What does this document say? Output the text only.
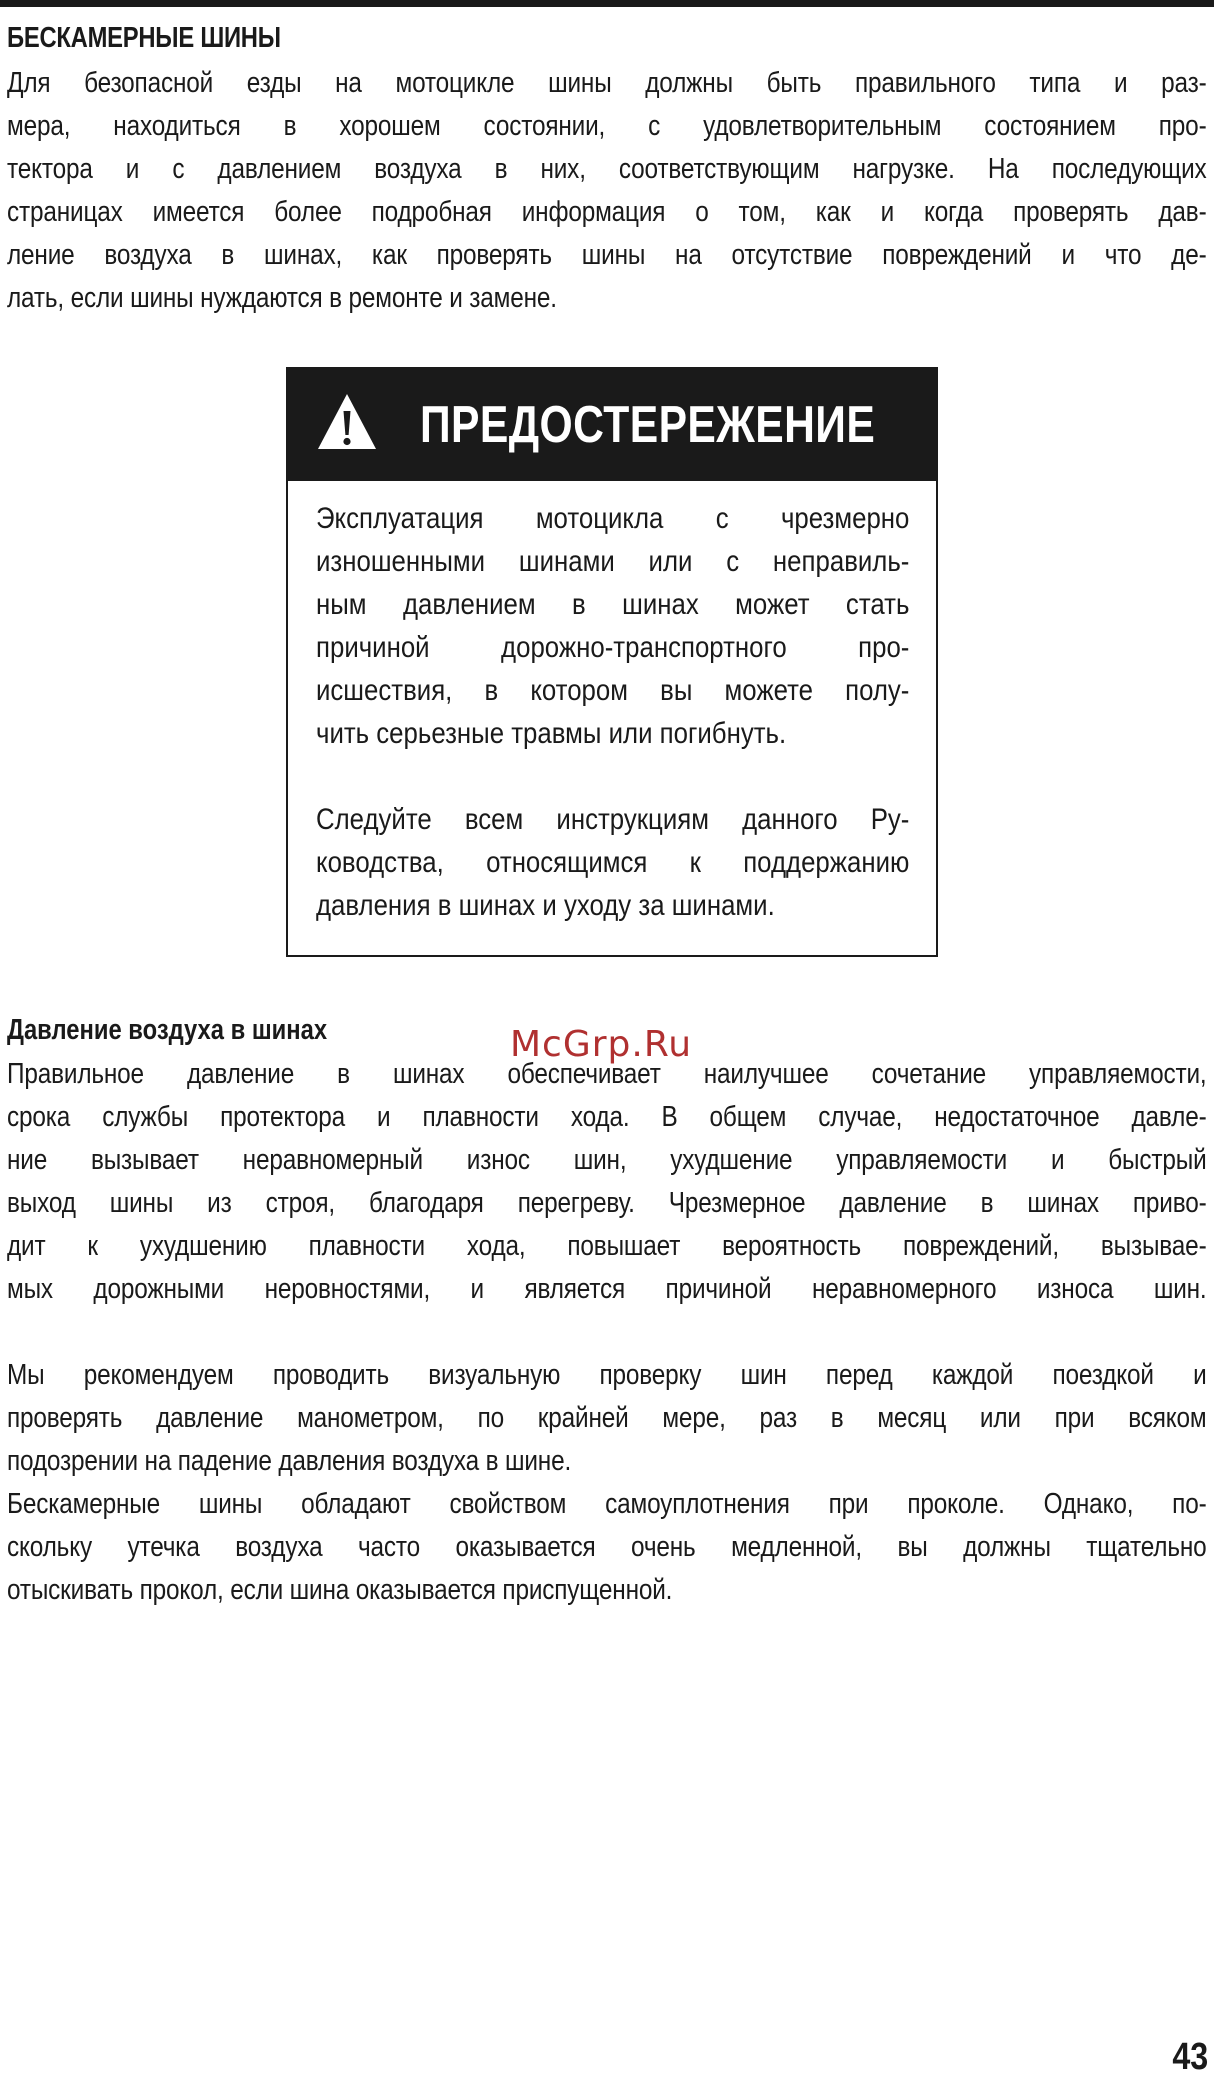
БЕСКАМЕРНЫЕ ШИНЫ
Для безопасной езды на мотоцикле шины должны быть правильного типа и раз-
мера, находиться в хорошем состоянии, с удовлетворительным состоянием про-
тектора и с давлением воздуха в них, соответствующим нагрузке. На последующих
страницах имеется более подробная информация о том, как и когда проверять дав-
ление воздуха в шинах, как проверять шины на отсутствие повреждений и что де-
лать, если шины нуждаются в ремонте и замене.
ПРЕДОСТЕРЕЖЕНИЕ
Эксплуатация мотоцикла с чрезмерно
изношенными шинами или с неправиль-
ным давлением в шинах может стать
причиной дорожно-транспортного про-
исшествия, в котором вы можете полу-
чить серьезные травмы или погибнуть.
Следуйте всем инструкциям данного Ру-
ководства, относящимся к поддержанию
давления в шинах и уходу за шинами.
Давление воздуха в шинах	McGrp.Ru
Правильное давление в шинах обеспечивает наилучшее сочетание управляемости,
срока службы протектора и плавности хода. В общем случае, недостаточное давле-
ние вызывает неравномерный износ шин, ухудшение управляемости и быстрый
выход шины из строя, благодаря перегреву. Чрезмерное давление в шинах приво-
дит к ухудшению плавности хода, повышает вероятность повреждений, вызывае-
мых дорожными неровностями, и является причиной неравномерного износа шин.
Мы рекомендуем проводить визуальную проверку шин перед каждой поездкой и
проверять давление манометром, по крайней мере, раз в месяц или при всяком
подозрении на падение давления воздуха в шине.
Бескамерные шины обладают свойством самоуплотнения при проколе. Однако, по-
скольку утечка воздуха часто оказывается очень медленной, вы должны тщательно
отыскивать прокол, если шина оказывается приспущенной.
43
